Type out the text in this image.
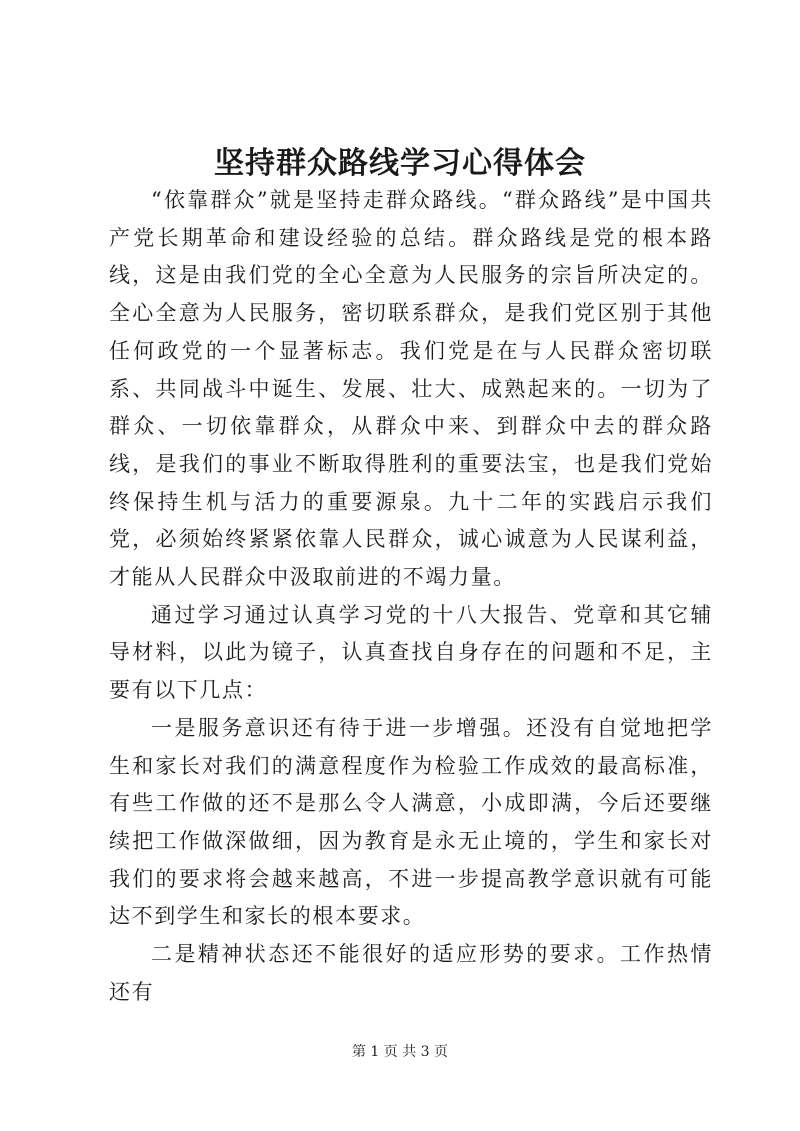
坚持群众路线学习心得体会

“依靠群众”就是坚持走群众路线。“群众路线”是中国共产党长期革命和建设经验的总结。群众路线是党的根本路线，这是由我们党的全心全意为人民服务的宗旨所决定的。全心全意为人民服务，密切联系群众，是我们党区别于其他任何政党的一个显著标志。我们党是在与人民群众密切联系、共同战斗中诞生、发展、壮大、成熟起来的。一切为了群众、一切依靠群众，从群众中来、到群众中去的群众路线，是我们的事业不断取得胜利的重要法宝，也是我们党始终保持生机与活力的重要源泉。九十二年的实践启示我们党，必须始终紧紧依靠人民群众，诚心诚意为人民谋利益，才能从人民群众中汲取前进的不竭力量。

通过学习通过认真学习党的十八大报告、党章和其它辅导材料，以此为镜子，认真查找自身存在的问题和不足，主要有以下几点：

一是服务意识还有待于进一步增强。还没有自觉地把学生和家长对我们的满意程度作为检验工作成效的最高标准，有些工作做的还不是那么令人满意，小成即满，今后还要继续把工作做深做细，因为教育是永无止境的，学生和家长对我们的要求将会越来越高，不进一步提高教学意识就有可能达不到学生和家长的根本要求。

二是精神状态还不能很好的适应形势的要求。工作热情还有

第 1 页 共 3 页
